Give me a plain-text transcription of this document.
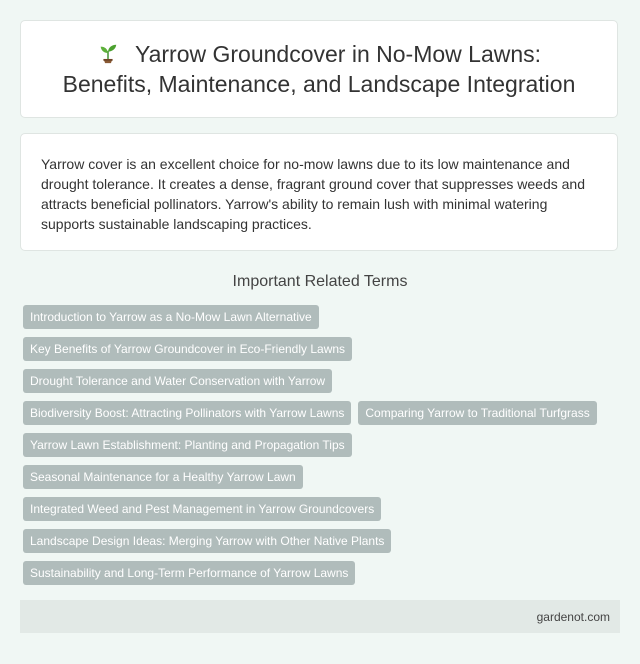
Yarrow Groundcover in No-Mow Lawns:
Benefits, Maintenance, and Landscape Integration

Yarrow cover is an excellent choice for no-mow lawns due to its low maintenance and drought tolerance. It creates a dense, fragrant ground cover that suppresses weeds and attracts beneficial pollinators. Yarrow's ability to remain lush with minimal watering supports sustainable landscaping practices.

Important Related Terms
Introduction to Yarrow as a No-Mow Lawn Alternative
Key Benefits of Yarrow Groundcover in Eco-Friendly Lawns
Drought Tolerance and Water Conservation with Yarrow
Biodiversity Boost: Attracting Pollinators with Yarrow Lawns	Comparing Yarrow to Traditional Turfgrass
Yarrow Lawn Establishment: Planting and Propagation Tips
Seasonal Maintenance for a Healthy Yarrow Lawn
Integrated Weed and Pest Management in Yarrow Groundcovers
Landscape Design Ideas: Merging Yarrow with Other Native Plants
Sustainability and Long-Term Performance of Yarrow Lawns
gardenot.com
